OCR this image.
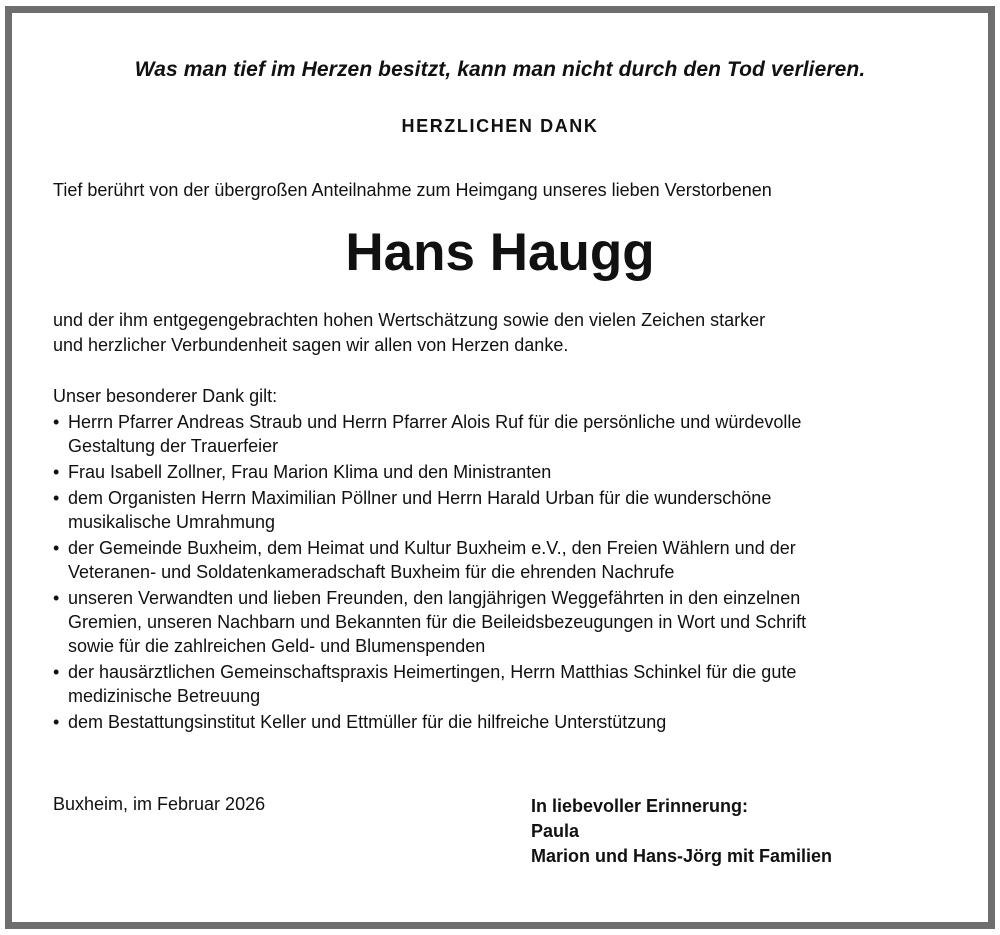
Was man tief im Herzen besitzt, kann man nicht durch den Tod verlieren.
HERZLICHEN DANK
Tief berührt von der übergroßen Anteilnahme zum Heimgang unseres lieben Verstorbenen
Hans Haugg
und der ihm entgegengebrachten hohen Wertschätzung sowie den vielen Zeichen starker
und herzlicher Verbundenheit sagen wir allen von Herzen danke.
Unser besonderer Dank gilt:
• Herrn Pfarrer Andreas Straub und Herrn Pfarrer Alois Ruf für die persönliche und würdevolle
Gestaltung der Trauerfeier
• Frau Isabell Zollner, Frau Marion Klima und den Ministranten
• dem Organisten Herrn Maximilian Pöllner und Herrn Harald Urban für die wunderschöne
musikalische Umrahmung
• der Gemeinde Buxheim, dem Heimat und Kultur Buxheim e.V., den Freien Wählern und der
Veteranen- und Soldatenkameradschaft Buxheim für die ehrenden Nachrufe
• unseren Verwandten und lieben Freunden, den langjährigen Weggefährten in den einzelnen
Gremien, unseren Nachbarn und Bekannten für die Beileidsbezeugungen in Wort und Schrift
sowie für die zahlreichen Geld- und Blumenspenden
• der hausärztlichen Gemeinschaftspraxis Heimertingen, Herrn Matthias Schinkel für die gute
medizinische Betreuung
• dem Bestattungsinstitut Keller und Ettmüller für die hilfreiche Unterstützung
Buxheim, im Februar 2026	In liebevoller Erinnerung:
Paula
Marion und Hans-Jörg mit Familien
